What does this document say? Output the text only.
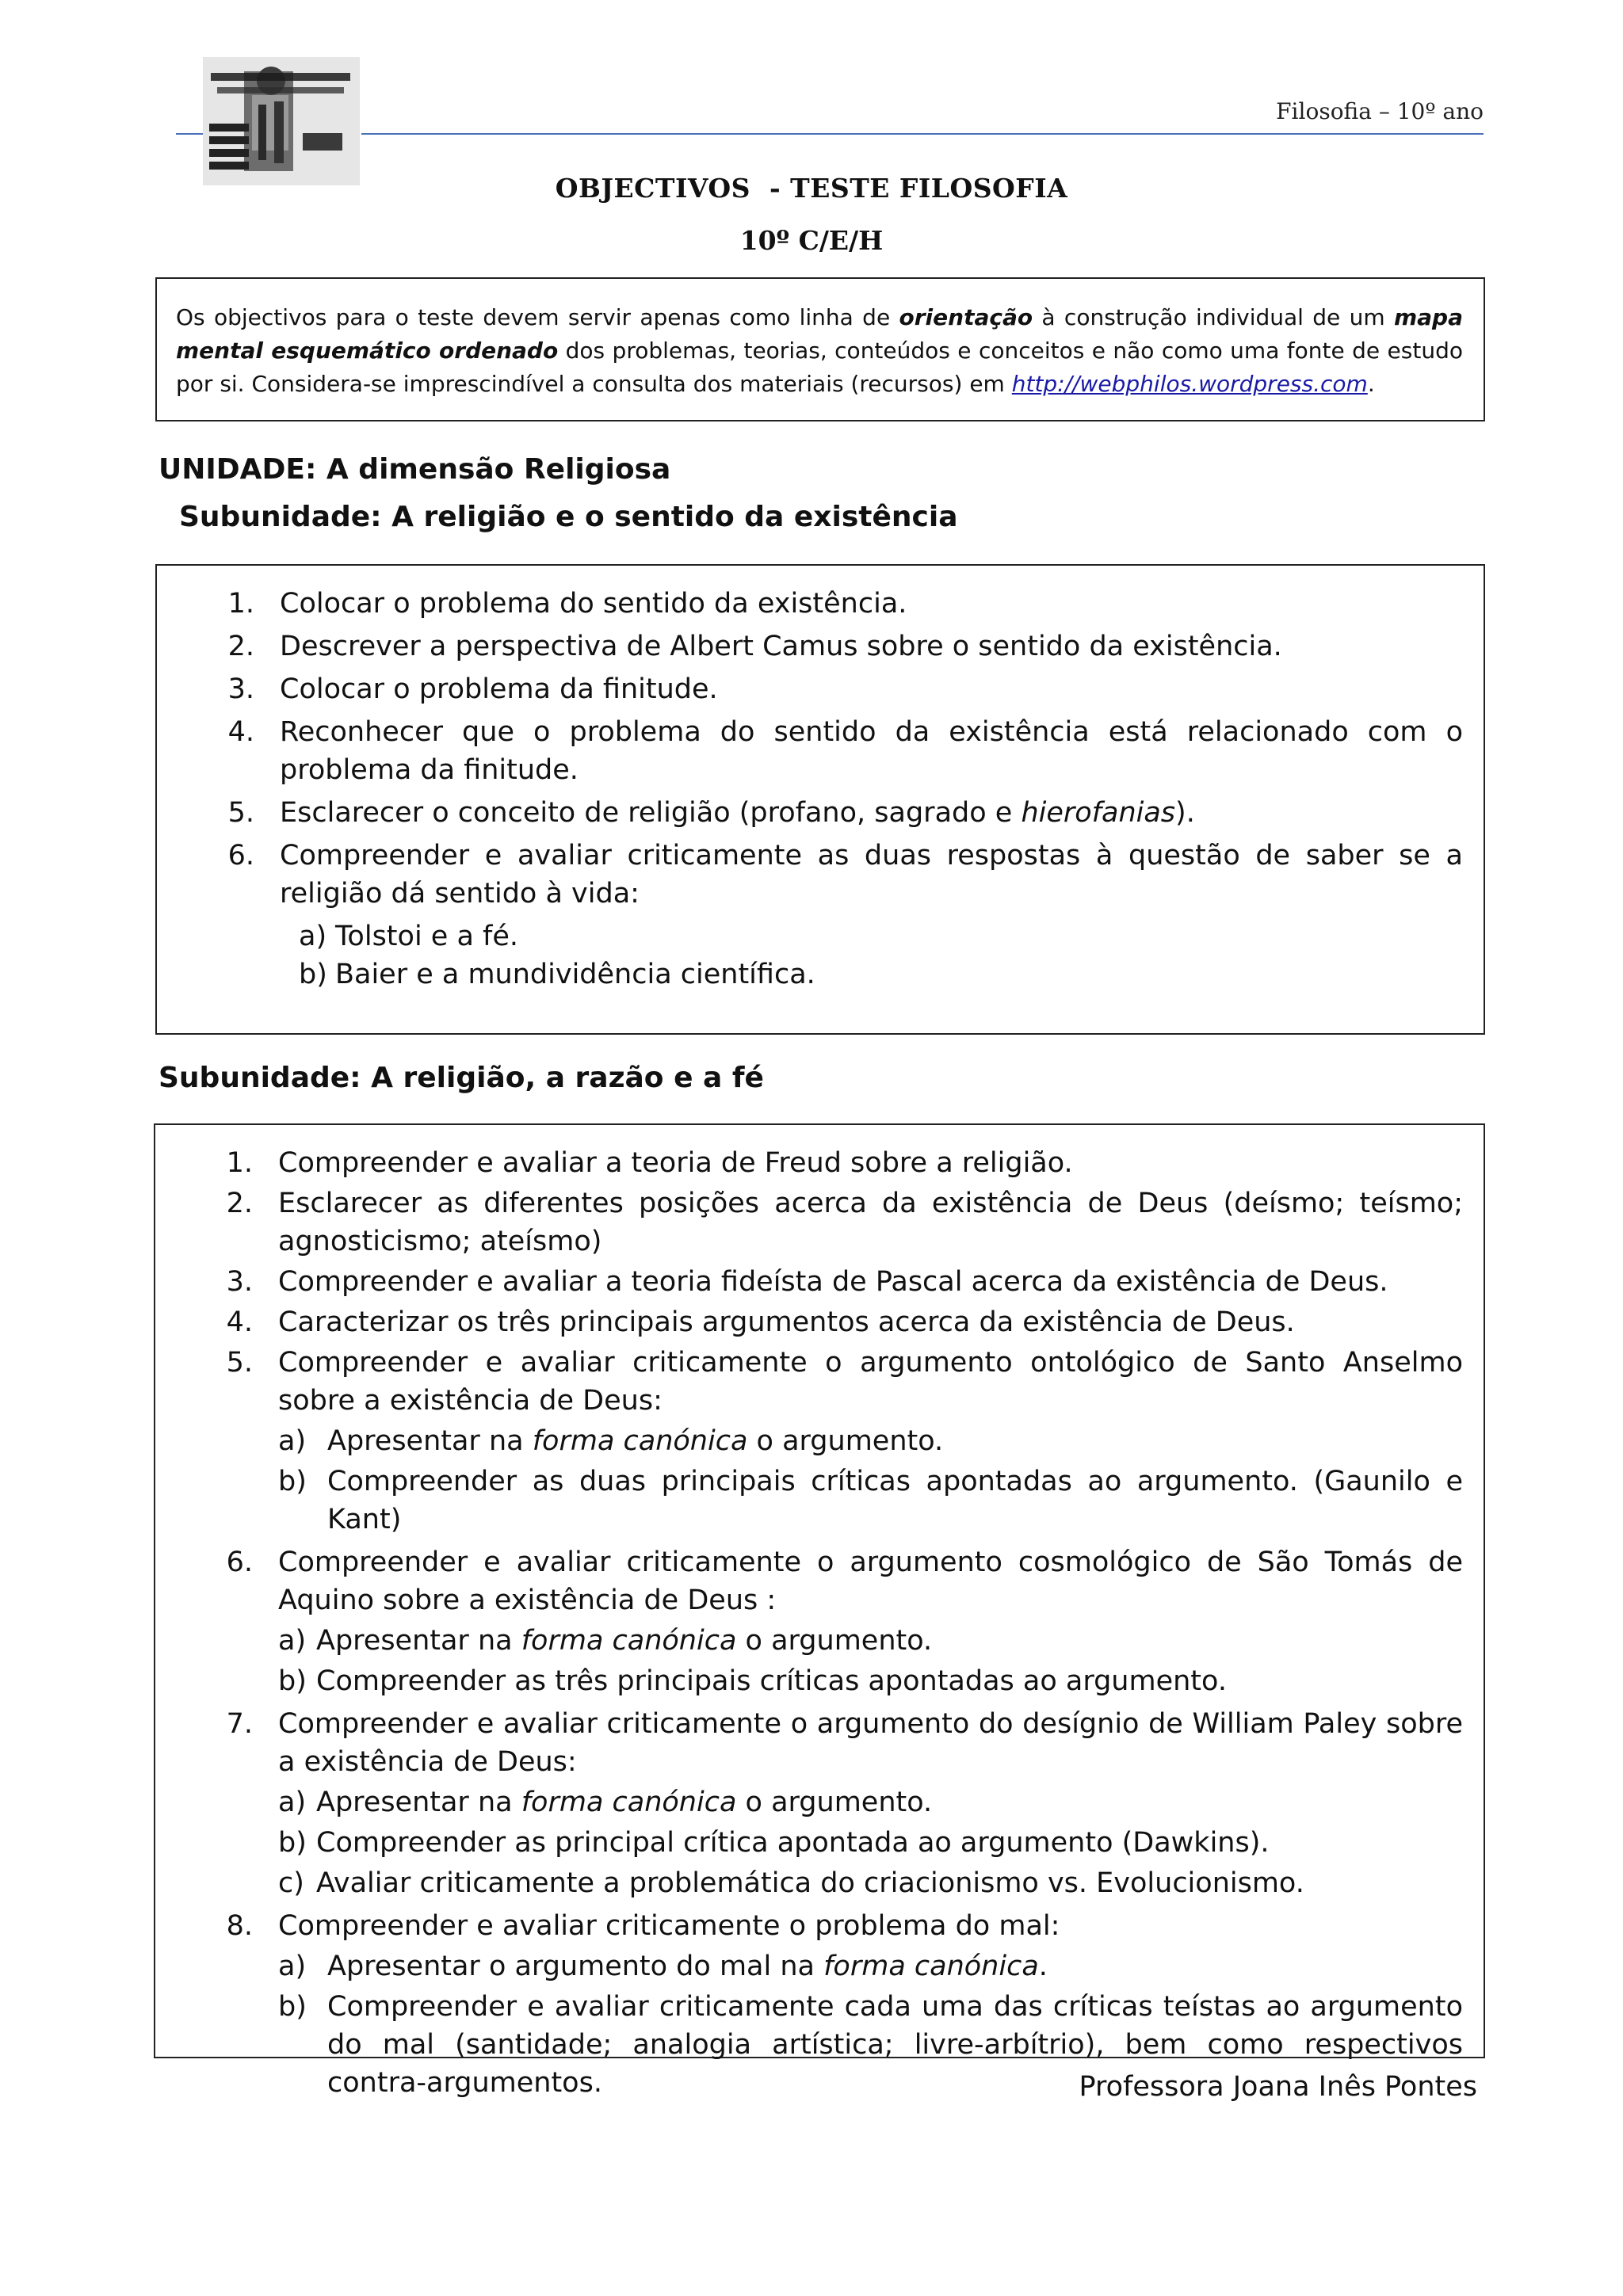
Filosofia – 10º ano
OBJECTIVOS  - TESTE FILOSOFIA
10º C/E/H
Os objectivos para o teste devem servir apenas como linha de orientação à construção individual de um mapa mental esquemático ordenado dos problemas, teorias, conteúdos e conceitos e não como uma fonte de estudo por si. Considera-se imprescindível a consulta dos materiais (recursos) em http://webphilos.wordpress.com.
UNIDADE: A dimensão Religiosa
Subunidade: A religião e o sentido da existência
1. Colocar o problema do sentido da existência.
2. Descrever a perspectiva de Albert Camus sobre o sentido da existência.
3. Colocar o problema da finitude.
4. Reconhecer que o problema do sentido da existência está relacionado com o problema da finitude.
5. Esclarecer o conceito de religião (profano, sagrado e hierofanias).
6. Compreender e avaliar criticamente as duas respostas à questão de saber se a religião dá sentido à vida:
a) Tolstoi e a fé.
b) Baier e a mundividência científica.
Subunidade: A religião, a razão e a fé
1. Compreender e avaliar a teoria de Freud sobre a religião.
2. Esclarecer as diferentes posições acerca da existência de Deus (deísmo; teísmo; agnosticismo; ateísmo)
3. Compreender e avaliar a teoria fideísta de Pascal acerca da existência de Deus.
4. Caracterizar os três principais argumentos acerca da existência de Deus.
5. Compreender e avaliar criticamente o argumento ontológico de Santo Anselmo sobre a existência de Deus:
a) Apresentar na forma canónica o argumento.
b) Compreender as duas principais críticas apontadas ao argumento. (Gaunilo e Kant)
6. Compreender e avaliar criticamente o argumento cosmológico de São Tomás de Aquino sobre a existência de Deus :
a) Apresentar na forma canónica o argumento.
b) Compreender as três principais críticas apontadas ao argumento.
7. Compreender e avaliar criticamente o argumento do desígnio de William Paley sobre a existência de Deus:
a) Apresentar na forma canónica o argumento.
b) Compreender as principal crítica apontada ao argumento (Dawkins).
c) Avaliar criticamente a problemática do criacionismo vs. Evolucionismo.
8. Compreender e avaliar criticamente o problema do mal:
a) Apresentar o argumento do mal na forma canónica.
b) Compreender e avaliar criticamente cada uma das críticas teístas ao argumento do mal (santidade; analogia artística; livre-arbítrio), bem como respectivos contra-argumentos.	Professora Joana Inês Pontes
